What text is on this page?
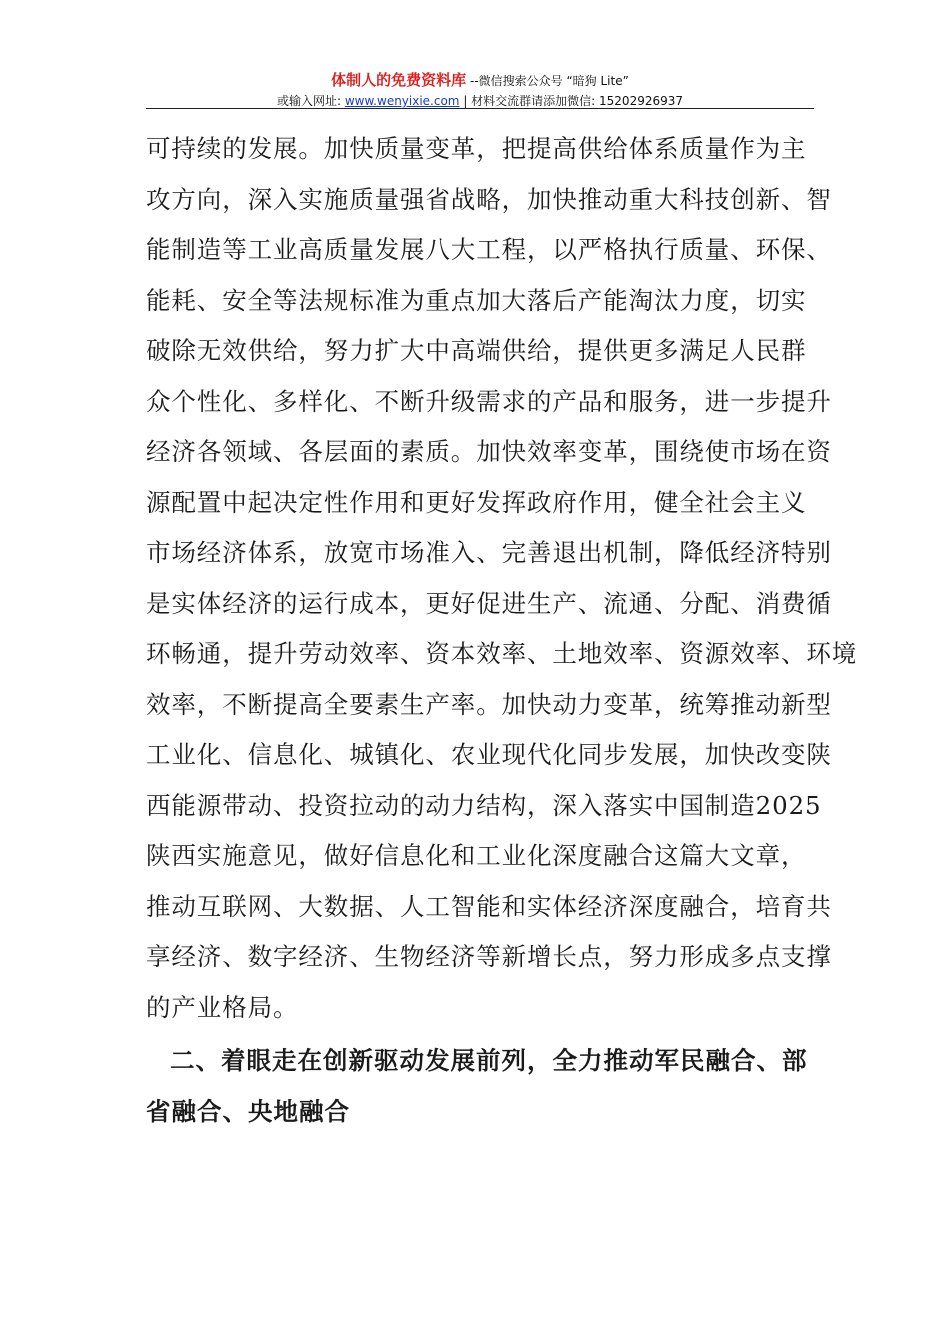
体制人的免费资料库 --微信搜索公众号 “暗狗 Lite”
或输入网址: www.wenyixie.com | 材料交流群请添加微信: 15202926937
可持续的发展。加快质量变革，把提高供给体系质量作为主
攻方向，深入实施质量强省战略，加快推动重大科技创新、智
能制造等工业高质量发展八大工程，以严格执行质量、环保、
能耗、安全等法规标准为重点加大落后产能淘汰力度，切实
破除无效供给，努力扩大中高端供给，提供更多满足人民群
众个性化、多样化、不断升级需求的产品和服务，进一步提升
经济各领域、各层面的素质。加快效率变革，围绕使市场在资
源配置中起决定性作用和更好发挥政府作用，健全社会主义
市场经济体系，放宽市场准入、完善退出机制，降低经济特别
是实体经济的运行成本，更好促进生产、流通、分配、消费循
环畅通，提升劳动效率、资本效率、土地效率、资源效率、环境
效率，不断提高全要素生产率。加快动力变革，统筹推动新型
工业化、信息化、城镇化、农业现代化同步发展，加快改变陕
西能源带动、投资拉动的动力结构，深入落实中国制造2025
陕西实施意见，做好信息化和工业化深度融合这篇大文章，
推动互联网、大数据、人工智能和实体经济深度融合，培育共
享经济、数字经济、生物经济等新增长点，努力形成多点支撑
的产业格局。
二、着眼走在创新驱动发展前列，全力推动军民融合、部
省融合、央地融合
